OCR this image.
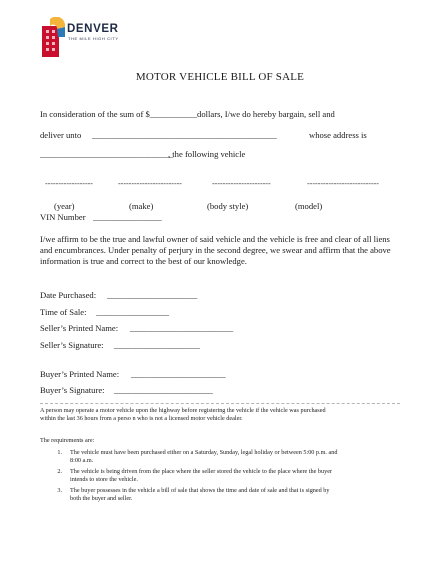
DENVER
THE MILE HIGH CITY
MOTOR VEHICLE BILL OF SALE
In consideration of the sum of $___________dollars, I/we do hereby bargain, sell and
deliver unto ___________________________________________	whose address is
_______________________________
, the following vehicle
------------------	------------------------	----------------------	---------------------------
(year)	(make)	(body style)	(model)
VIN Number ________________
I/we affirm to be the true and lawful owner of said vehicle and the vehicle is free and clear of all liens and encumbrances. Under penalty of perjury in the second degree, we swear and affirm that the above information is true and correct to the best of our knowledge.
Date Purchased: _____________________
Time of Sale: _________________
Seller’s Printed Name: ________________________
Seller’s Signature: ____________________
Buyer’s Printed Name: ______________________
Buyer’s Signature: _______________________
A person may operate a motor vehicle upon the highway before registering the vehicle if the vehicle was purchased
within the last 36 hours from a perso n who is not a licensed motor vehicle dealer.
The requirements are:
1. The vehicle must have been purchased either on a Saturday, Sunday, legal holiday or between 5:00 p.m. and
8:00 a.m.
2. The vehicle is being driven from the place where the seller stored the vehicle to the place where the buyer
intends to store the vehicle.
3. The buyer possesses in the vehicle a bill of sale that shows the time and date of sale and that is signed by
both the buyer and seller.
